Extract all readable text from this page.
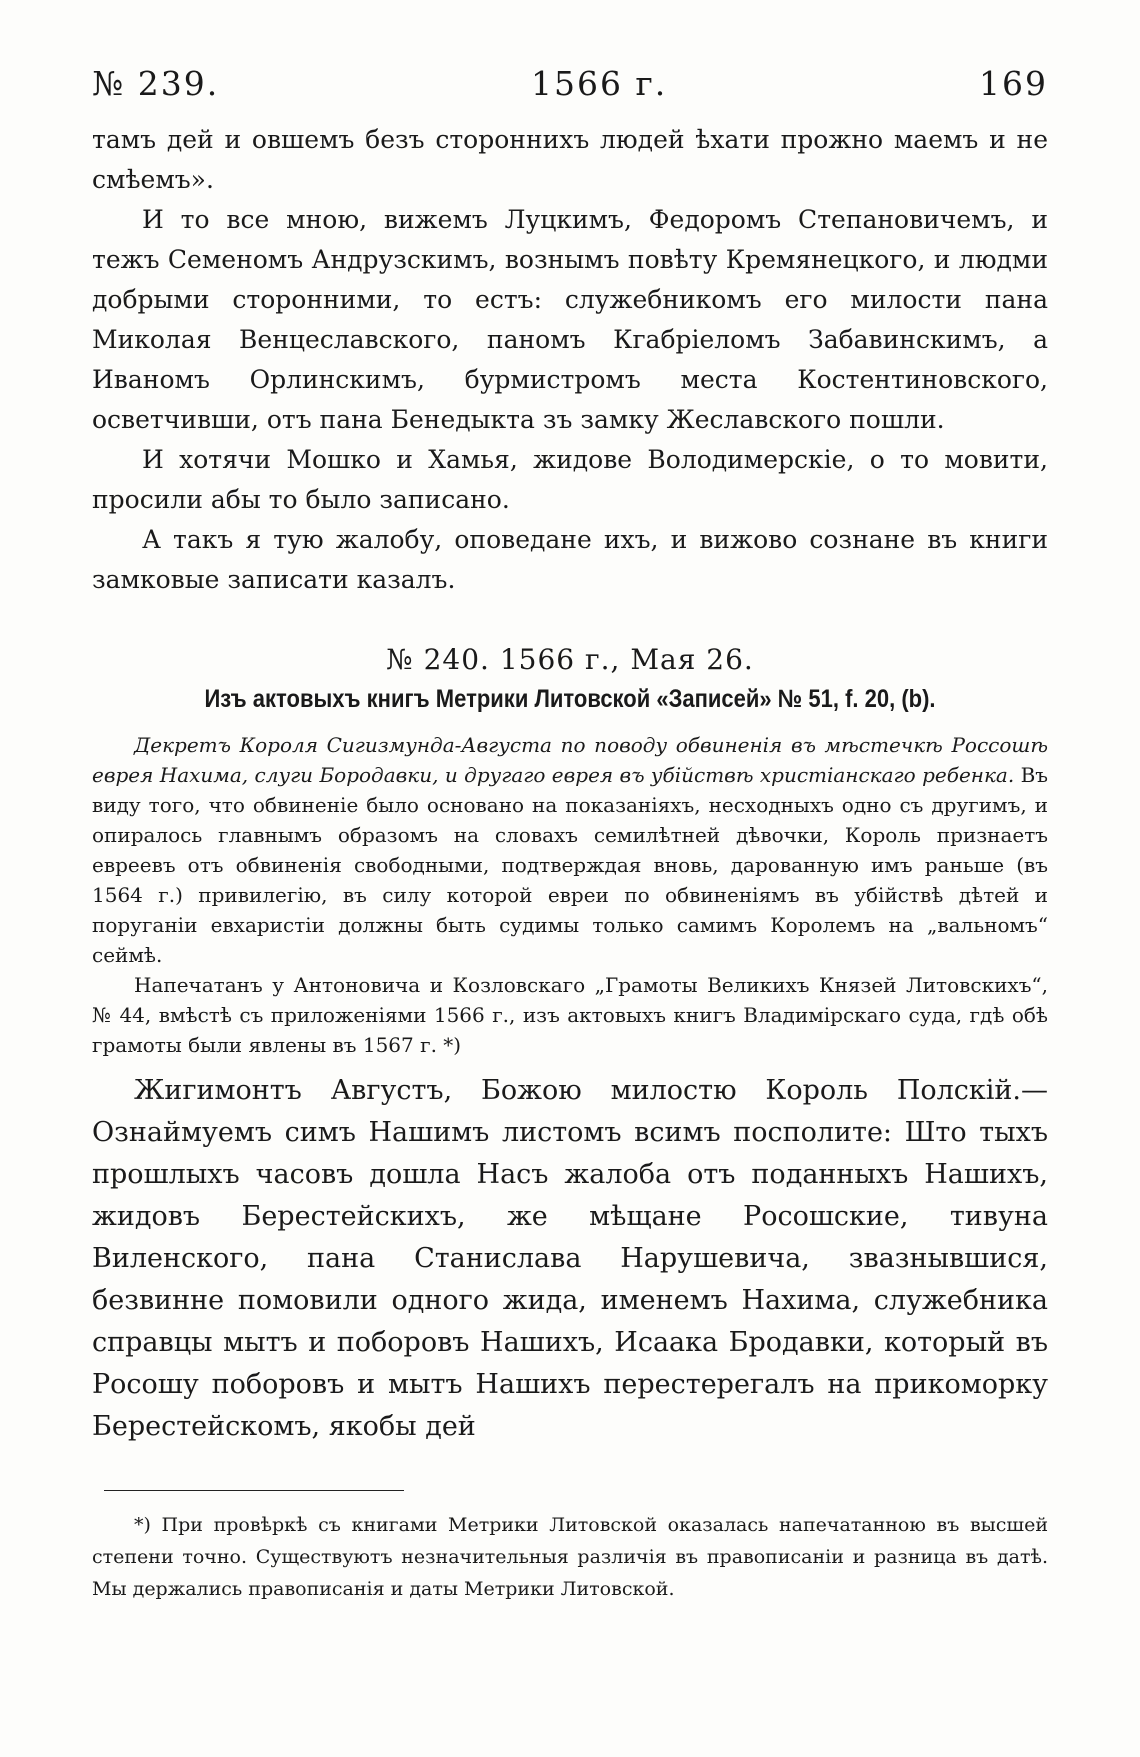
№ 239.	1566 г.	169

тамъ дей и овшемъ безъ стороннихъ людей ѣхати прожно маемъ и не смѣемъ».

И то все мною, вижемъ Луцкимъ, Федоромъ Степановичемъ, и тежъ Семеномъ Андрузскимъ, вознымъ повѣту Кремянецкого, и людми добрыми сторонними, то естъ: служебникомъ его милости пана Миколая Венцеславского, паномъ Кгабріеломъ Забавинскимъ, а Иваномъ Орлинскимъ, бурмистромъ места Костентиновского, осветчивши, отъ пана Бенедыкта зъ замку Жеславского пошли.

И хотячи Мошко и Хамья, жидове Володимерскіе, о то мовити, просили абы то было записано.

А такъ я тую жалобу, оповедане ихъ, и вижово сознане въ книги замковые записати казалъ.

№ 240. 1566 г., Мая 26.
Изъ актовыхъ книгъ Метрики Литовской «Записей» № 51, f. 20, (b).

Декретъ Короля Сигизмунда-Августа по поводу обвиненія въ мѣстечкѣ Россошѣ еврея Нахима, слуги Бородавки, и другаго еврея въ убійствѣ христіанскаго ребенка. Въ виду того, что обвиненіе было основано на показаніяхъ, несходныхъ одно съ другимъ, и опиралось главнымъ образомъ на словахъ семилѣтней дѣвочки, Король признаетъ евреевъ отъ обвиненія свободными, подтверждая вновь, дарованную имъ раньше (въ 1564 г.) привилегію, въ силу которой евреи по обвиненіямъ въ убійствѣ дѣтей и поруганіи евхаристіи должны быть судимы только самимъ Королемъ на „вальномъ“ сеймѣ.

Напечатанъ у Антоновича и Козловскаго „Грамоты Великихъ Князей Литовскихъ“, № 44, вмѣстѣ съ приложеніями 1566 г., изъ актовыхъ книгъ Владимірскаго суда, гдѣ обѣ грамоты были явлены въ 1567 г. *)

Жигимонтъ Августъ, Божою милостю Король Полскій.—Ознаймуемъ симъ Нашимъ листомъ всимъ посполите: Што тыхъ прошлыхъ часовъ дошла Насъ жалоба отъ поданныхъ Нашихъ, жидовъ Берестейскихъ, же мѣщане Росошские, тивуна Виленского, пана Станислава Нарушевича, звазнывшися, безвинне помовили одного жида, именемъ Нахима, служебника справцы мытъ и поборовъ Нашихъ, Исаака Бродавки, который въ Росошу поборовъ и мытъ Нашихъ перестерегалъ на прикоморку Берестейскомъ, якобы дей

*) При провѣркѣ съ книгами Метрики Литовской оказалась напечатанною въ высшей степени точно. Существуютъ незначительныя различія въ правописаніи и разница въ датѣ. Мы держались правописанія и даты Метрики Литовской.
